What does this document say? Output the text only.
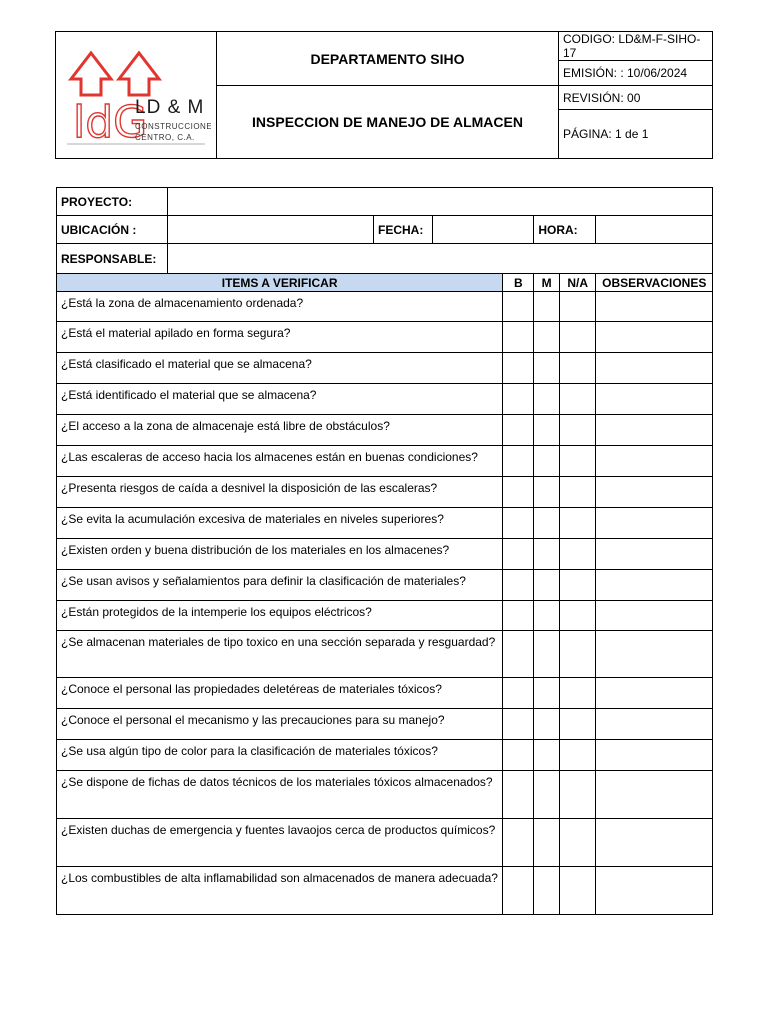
ldG
LD & M
CONSTRUCCIONES
CENTRO, C.A.	DEPARTAMENTO SIHO	CODIGO: LD&M-F-SIHO-17
		EMISIÓN: : 10/06/2024
	INSPECCION DE MANEJO DE ALMACEN	REVISIÓN: 00
		PÁGINA: 1 de 1
PROYECTO:							
UBICACIÓN :		FECHA:			HORA:		
RESPONSABLE:							
ITEMS A VERIFICAR				B	M	N/A	OBSERVACIONES
¿Está la zona de almacenamiento ordenada?							
¿Está el material apilado en forma segura?							
¿Está clasificado el material que se almacena?							
¿Está identificado el material que se almacena?							
¿El acceso a la zona de almacenaje está libre de obstáculos?							
¿Las escaleras de acceso hacia los almacenes están en buenas condiciones?							
¿Presenta riesgos de caída a desnivel la disposición de las escaleras?							
¿Se evita la acumulación excesiva de materiales en niveles superiores?							
¿Existen orden y buena distribución de los materiales en los almacenes?							
¿Se usan avisos y señalamientos para definir la clasificación de materiales?							
¿Están protegidos de la intemperie los equipos eléctricos?							
¿Se almacenan materiales de tipo toxico en una sección separada y resguardad?							
¿Conoce el personal las propiedades deletéreas de materiales tóxicos?							
¿Conoce el personal el mecanismo y las precauciones para su manejo?							
¿Se usa algún tipo de color para la clasificación de materiales tóxicos?							
¿Se dispone de fichas de datos técnicos de los materiales tóxicos almacenados?							
¿Existen duchas de emergencia y fuentes lavaojos cerca de productos químicos?							
¿Los combustibles de alta inflamabilidad son almacenados de manera adecuada?							
